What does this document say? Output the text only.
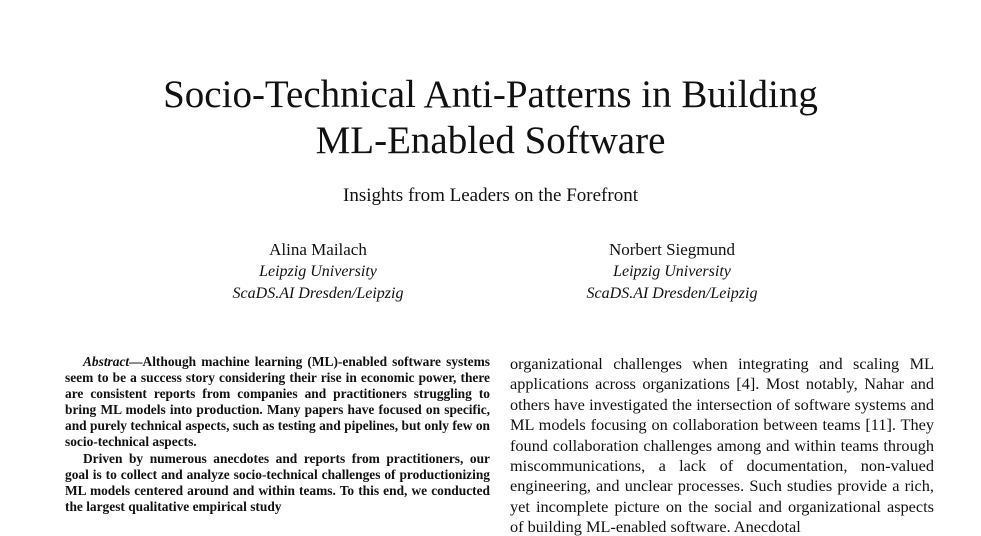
Socio-Technical Anti-Patterns in Building
ML-Enabled Software
Insights from Leaders on the Forefront
Alina Mailach
Leipzig University
ScaDS.AI Dresden/Leipzig
Norbert Siegmund
Leipzig University
ScaDS.AI Dresden/Leipzig

Abstract—Although machine learning (ML)-enabled software systems seem to be a success story considering their rise in economic power, there are consistent reports from companies and practitioners struggling to bring ML models into production. Many papers have focused on specific, and purely technical aspects, such as testing and pipelines, but only few on socio-technical aspects.

Driven by numerous anecdotes and reports from practitioners, our goal is to collect and analyze socio-technical challenges of productionizing ML models centered around and within teams. To this end, we conducted the largest qualitative empirical study

organizational challenges when integrating and scaling ML applications across organizations [4]. Most notably, Nahar and others have investigated the intersection of software systems and ML models focusing on collaboration between teams [11]. They found collaboration challenges among and within teams through miscommunications, a lack of documentation, non-valued engineering, and unclear processes. Such studies provide a rich, yet incomplete picture on the social and organizational aspects of building ML-enabled software. Anecdotal
